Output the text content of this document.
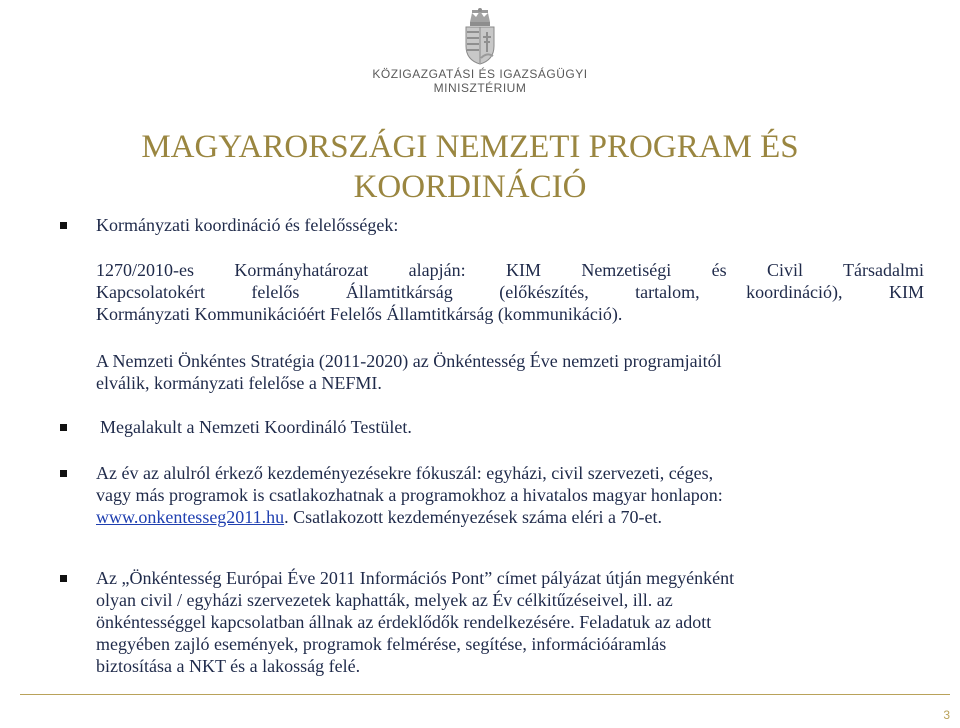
KÖZIGAZGATÁSI ÉS IGAZSÁGÜGYI
MINISZTÉRIUM
MAGYARORSZÁGI NEMZETI PROGRAM ÉS
KOORDINÁCIÓ
Kormányzati koordináció és felelősségek:
1270/2010-es Kormányhatározat alapján: KIM Nemzetiségi és Civil Társadalmi
Kapcsolatokért felelős Államtitkárság (előkészítés, tartalom, koordináció), KIM
Kormányzati Kommunikációért Felelős Államtitkárság (kommunikáció).
A Nemzeti Önkéntes Stratégia (2011-2020) az Önkéntesség Éve nemzeti programjaitól
elválik, kormányzati felelőse a NEFMI.
Megalakult a Nemzeti Koordináló Testület.
Az év az alulról érkező kezdeményezésekre fókuszál: egyházi, civil szervezeti, céges,
vagy más programok is csatlakozhatnak a programokhoz a hivatalos magyar honlapon:
www.onkentesseg2011.hu. Csatlakozott kezdeményezések száma eléri a 70-et.
Az „Önkéntesség Európai Éve 2011 Információs Pont” címet pályázat útján megyénként
olyan civil / egyházi szervezetek kaphatták, melyek az Év célkitűzéseivel, ill. az
önkéntességgel kapcsolatban állnak az érdeklődők rendelkezésére. Feladatuk az adott
megyében zajló események, programok felmérése, segítése, információáramlás
biztosítása a NKT és a lakosság felé.
3
